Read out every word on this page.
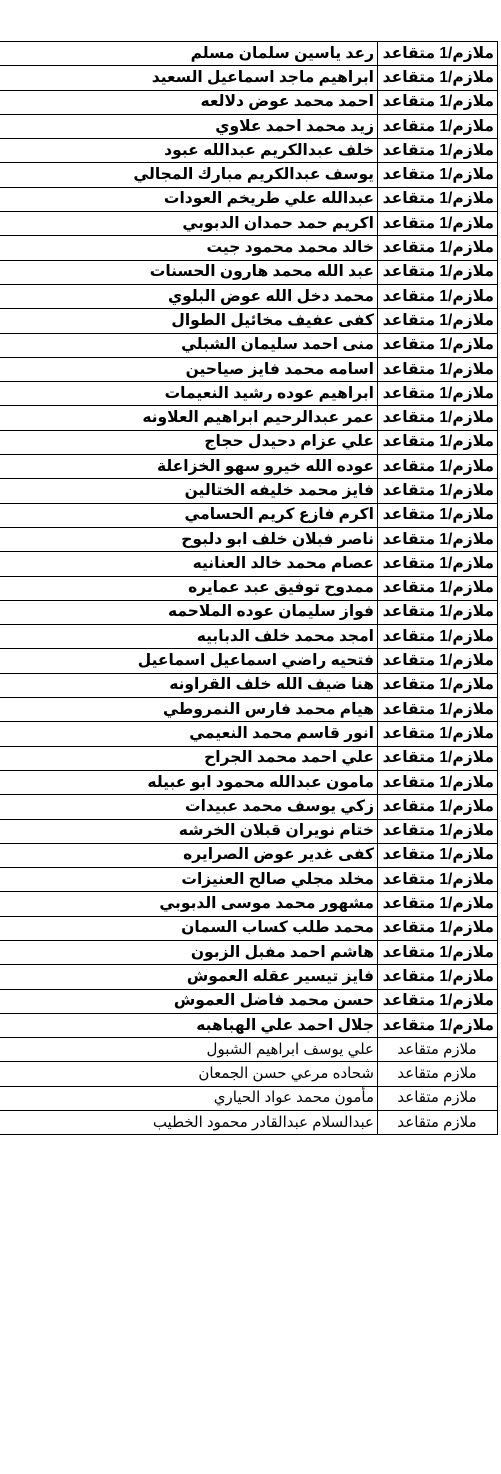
ملازم/1 متقاعد	رعد ياسين سلمان مسلم
ملازم/1 متقاعد	ابراهيم ماجد اسماعيل السعيد
ملازم/1 متقاعد	احمد محمد عوض دلالعه
ملازم/1 متقاعد	زيد محمد احمد علاوي
ملازم/1 متقاعد	خلف عبدالكريم عبدالله عبود
ملازم/1 متقاعد	يوسف عبدالكريم مبارك المجالي
ملازم/1 متقاعد	عبدالله علي طريخم العودات
ملازم/1 متقاعد	اكريم حمد حمدان الدبوبي
ملازم/1 متقاعد	خالد محمد محمود جيت
ملازم/1 متقاعد	عبد الله محمد هارون الحسنات
ملازم/1 متقاعد	محمد دخل الله عوض البلوي
ملازم/1 متقاعد	كفى عفيف مخائيل الطوال
ملازم/1 متقاعد	منى احمد سليمان الشبلي
ملازم/1 متقاعد	اسامه محمد فايز صياحين
ملازم/1 متقاعد	ابراهيم عوده رشيد النعيمات
ملازم/1 متقاعد	عمر عبدالرحيم ابراهيم العلاونه
ملازم/1 متقاعد	علي عزام دحيدل حجاج
ملازم/1 متقاعد	عوده الله خيرو سهو الخزاعلة
ملازم/1 متقاعد	فايز محمد خليفه الختالين
ملازم/1 متقاعد	اكرم فازع كريم الحسامي
ملازم/1 متقاعد	ناصر فبلان خلف ابو دلبوح
ملازم/1 متقاعد	عصام محمد خالد العنانيه
ملازم/1 متقاعد	ممدوح توفيق عبد عمايره
ملازم/1 متقاعد	فواز سليمان عوده الملاحمه
ملازم/1 متقاعد	امجد محمد خلف الدبابيه
ملازم/1 متقاعد	فتحيه راضي اسماعيل اسماعيل
ملازم/1 متقاعد	هنا ضيف الله خلف القراونه
ملازم/1 متقاعد	هيام محمد فارس النمروطي
ملازم/1 متقاعد	انور قاسم محمد النعيمي
ملازم/1 متقاعد	علي احمد محمد الجراح
ملازم/1 متقاعد	مامون عبدالله محمود ابو عبيله
ملازم/1 متقاعد	زكي يوسف محمد عبيدات
ملازم/1 متقاعد	ختام نويران قبلان الخرشه
ملازم/1 متقاعد	كفى غدير عوض الصرايره
ملازم/1 متقاعد	مخلد مجلي صالح العنيزات
ملازم/1 متقاعد	مشهور محمد موسى الدبوبي
ملازم/1 متقاعد	محمد طلب كساب السمان
ملازم/1 متقاعد	هاشم احمد مفبل الزبون
ملازم/1 متقاعد	فايز تيسير عقله العموش
ملازم/1 متقاعد	حسن محمد فاضل العموش
ملازم/1 متقاعد	جلال احمد علي الهباهبه
ملازم متقاعد	علي يوسف ابراهيم الشبول
ملازم متقاعد	شحاده مرعي حسن الجمعان
ملازم متقاعد	مأمون محمد عواد الحياري
ملازم متقاعد	عبدالسلام عبدالقادر محمود الخطيب
